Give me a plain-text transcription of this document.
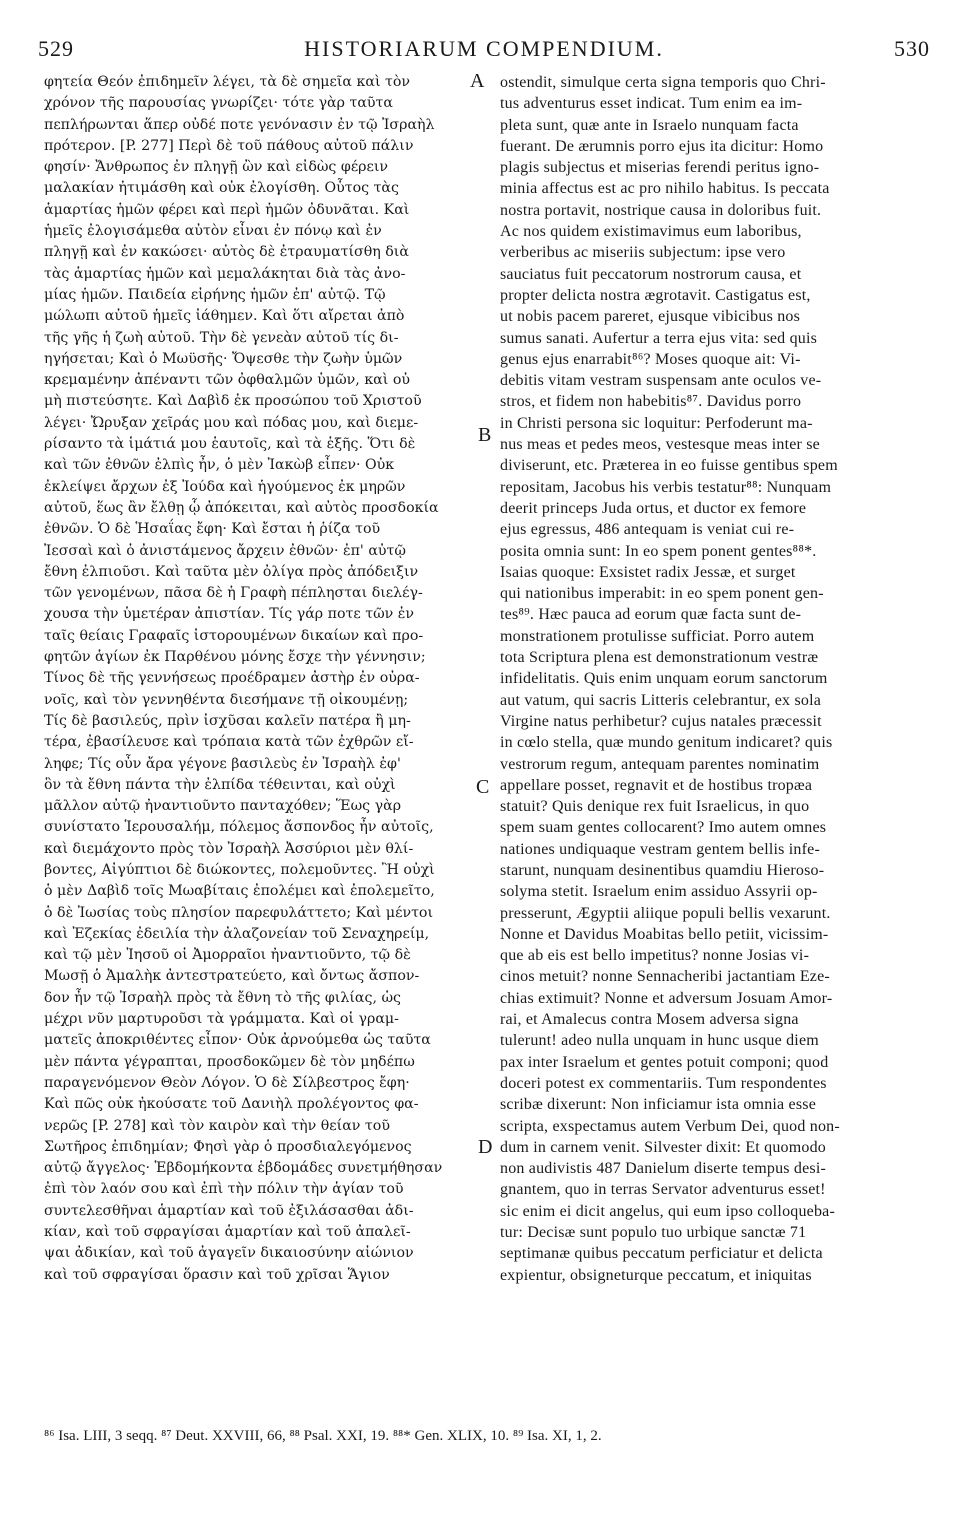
529	HISTORIARUM COMPENDIUM.	530
φητεία Θεόν ἐπιδημεῖν λέγει, τὰ δὲ σημεῖα καὶ τὸν
χρόνον τῆς παρουσίας γνωρίζει· τότε γὰρ ταῦτα
πεπλήρωνται ἅπερ οὐδέ ποτε γενόνασιν ἐν τῷ Ἰσραὴλ
πρότερον. [P. 277] Περὶ δὲ τοῦ πάθους αὐτοῦ πάλιν
φησίν· Ἄνθρωπος ἐν πληγῇ ὢν καὶ εἰδὼς φέρειν
μαλακίαν ἠτιμάσθη καὶ οὐκ ἐλογίσθη. Οὗτος τὰς
ἁμαρτίας ἡμῶν φέρει καὶ περὶ ἡμῶν ὀδυνᾶται. Καὶ
ἡμεῖς ἐλογισάμεθα αὐτὸν εἶναι ἐν πόνῳ καὶ ἐν
πληγῇ καὶ ἐν κακώσει· αὐτὸς δὲ ἐτραυματίσθη διὰ
τὰς ἁμαρτίας ἡμῶν καὶ μεμαλάκηται διὰ τὰς ἀνο-
μίας ἡμῶν. Παιδεία εἰρήνης ἡμῶν ἐπ' αὐτῷ. Τῷ
μώλωπι αὐτοῦ ἡμεῖς ἰάθημεν. Καὶ ὅτι αἴρεται ἀπὸ
τῆς γῆς ἡ ζωὴ αὐτοῦ. Τὴν δὲ γενεὰν αὐτοῦ τίς δι-
ηγήσεται; Καὶ ὁ Μωϋσῆς· Ὄψεσθε τὴν ζωὴν ὑμῶν
κρεμαμένην ἀπέναντι τῶν ὀφθαλμῶν ὑμῶν, καὶ οὐ
μὴ πιστεύσητε. Καὶ Δαβὶδ ἐκ προσώπου τοῦ Χριστοῦ
λέγει· Ὤρυξαν χεῖράς μου καὶ πόδας μου, καὶ διεμε-
ρίσαντο τὰ ἱμάτιά μου ἑαυτοῖς, καὶ τὰ ἑξῆς. Ὅτι δὲ
καὶ τῶν ἐθνῶν ἐλπὶς ἦν, ὁ μὲν Ἰακὼβ εἶπεν· Οὐκ
ἐκλείψει ἄρχων ἐξ Ἰούδα καὶ ἡγούμενος ἐκ μηρῶν
αὐτοῦ, ἕως ἂν ἔλθῃ ᾧ ἀπόκειται, καὶ αὐτὸς προσδοκία
ἐθνῶν. Ὁ δὲ Ἡσαΐας ἔφη· Καὶ ἔσται ἡ ῥίζα τοῦ
Ἰεσσαὶ καὶ ὁ ἀνιστάμενος ἄρχειν ἐθνῶν· ἐπ' αὐτῷ
ἔθνη ἐλπιοῦσι. Καὶ ταῦτα μὲν ὀλίγα πρὸς ἀπόδειξιν
τῶν γενομένων, πᾶσα δὲ ἡ Γραφὴ πέπλησται διελέγ-
χουσα τὴν ὑμετέραν ἀπιστίαν. Τίς γάρ ποτε τῶν ἐν
ταῖς θείαις Γραφαῖς ἱστορουμένων δικαίων καὶ προ-
φητῶν ἁγίων ἐκ Παρθένου μόνης ἔσχε τὴν γέννησιν;
Τίνος δὲ τῆς γεννήσεως προέδραμεν ἀστὴρ ἐν οὐρα-
νοῖς, καὶ τὸν γεννηθέντα διεσήμανε τῇ οἰκουμένῃ;
Τίς δὲ βασιλεύς, πρὶν ἰσχῦσαι καλεῖν πατέρα ἢ μη-
τέρα, ἐβασίλευσε καὶ τρόπαια κατὰ τῶν ἐχθρῶν εἴ-
ληφε; Τίς οὖν ἄρα γέγονε βασιλεὺς ἐν Ἰσραὴλ ἐφ'
ὃν τὰ ἔθνη πάντα τὴν ἐλπίδα τέθεινται, καὶ οὐχὶ
μᾶλλον αὐτῷ ἠναντιοῦντο πανταχόθεν; Ἕως γὰρ
συνίστατο Ἱερουσαλήμ, πόλεμος ἄσπονδος ἦν αὐτοῖς,
καὶ διεμάχοντο πρὸς τὸν Ἰσραὴλ Ἀσσύριοι μὲν θλί-
βοντες, Αἰγύπτιοι δὲ διώκοντες, πολεμοῦντες. Ἢ οὐχὶ
ὁ μὲν Δαβὶδ τοῖς Μωαβίταις ἐπολέμει καὶ ἐπολεμεῖτο,
ὁ δὲ Ἰωσίας τοὺς πλησίον παρεφυλάττετο; Καὶ μέντοι
καὶ Ἐζεκίας ἐδειλία τὴν ἀλαζονείαν τοῦ Σεναχηρείμ,
καὶ τῷ μὲν Ἰησοῦ οἱ Ἀμορραῖοι ἠναντιοῦντο, τῷ δὲ
Μωσῇ ὁ Ἀμαλὴκ ἀντεστρατεύετο, καὶ ὄντως ἄσπον-
δον ἦν τῷ Ἰσραὴλ πρὸς τὰ ἔθνη τὸ τῆς φιλίας, ὡς
μέχρι νῦν μαρτυροῦσι τὰ γράμματα. Καὶ οἱ γραμ-
ματεῖς ἀποκριθέντες εἶπον· Οὐκ ἀρνούμεθα ὡς ταῦτα
μὲν πάντα γέγραπται, προσδοκῶμεν δὲ τὸν μηδέπω
παραγενόμενον Θεὸν Λόγον. Ὁ δὲ Σίλβεστρος ἔφη·
Καὶ πῶς οὐκ ἠκούσατε τοῦ Δανιὴλ προλέγοντος φα-
νερῶς [P. 278] καὶ τὸν καιρὸν καὶ τὴν θείαν τοῦ
Σωτῆρος ἐπιδημίαν; Φησὶ γὰρ ὁ προσδιαλεγόμενος
αὐτῷ ἄγγελος· Ἑβδομήκοντα ἑβδομάδες συνετμήθησαν
ἐπὶ τὸν λαόν σου καὶ ἐπὶ τὴν πόλιν τὴν ἁγίαν τοῦ
συντελεσθῆναι ἁμαρτίαν καὶ τοῦ ἐξιλάσασθαι ἀδι-
κίαν, καὶ τοῦ σφραγίσαι ἁμαρτίαν καὶ τοῦ ἀπαλεῖ-
ψαι ἀδικίαν, καὶ τοῦ ἀγαγεῖν δικαιοσύνην αἰώνιον
καὶ τοῦ σφραγίσαι ὅρασιν καὶ τοῦ χρῖσαι Ἅγιον
ostendit, simulque certa signa temporis quo Chri-
tus adventurus esset indicat. Tum enim ea im-
pleta sunt, quæ ante in Israelo nunquam facta
fuerant. De ærumnis porro ejus ita dicitur: Homo
plagis subjectus et miserias ferendi peritus igno-
minia affectus est ac pro nihilo habitus. Is peccata
nostra portavit, nostrique causa in doloribus fuit.
Ac nos quidem existimavimus eum laboribus,
verberibus ac miseriis subjectum: ipse vero
sauciatus fuit peccatorum nostrorum causa, et
propter delicta nostra ægrotavit. Castigatus est,
ut nobis pacem pareret, ejusque vibicibus nos
sumus sanati. Aufertur a terra ejus vita: sed quis
genus ejus enarrabit⁸⁶? Moses quoque ait: Vi-
debitis vitam vestram suspensam ante oculos ve-
stros, et fidem non habebitis⁸⁷. Davidus porro
in Christi persona sic loquitur: Perfoderunt ma-
nus meas et pedes meos, vestesque meas inter se
diviserunt, etc. Præterea in eo fuisse gentibus spem
repositam, Jacobus his verbis testatur⁸⁸: Nunquam
deerit princeps Juda ortus, et ductor ex femore
ejus egressus, 486 antequam is veniat cui re-
posita omnia sunt: In eo spem ponent gentes⁸⁸*.
Isaias quoque: Exsistet radix Jessæ, et surget
qui nationibus imperabit: in eo spem ponent gen-
tes⁸⁹. Hæc pauca ad eorum quæ facta sunt de-
monstrationem protulisse sufficiat. Porro autem
tota Scriptura plena est demonstrationum vestræ
infidelitatis. Quis enim unquam eorum sanctorum
aut vatum, qui sacris Litteris celebrantur, ex sola
Virgine natus perhibetur? cujus natales præcessit
in cœlo stella, quæ mundo genitum indicaret? quis
vestrorum regum, antequam parentes nominatim
appellare posset, regnavit et de hostibus tropæa
statuit? Quis denique rex fuit Israelicus, in quo
spem suam gentes collocarent? Imo autem omnes
nationes undiquaque vestram gentem bellis infe-
starunt, nunquam desinentibus quamdiu Hieroso-
solyma stetit. Israelum enim assiduo Assyrii op-
presserunt, Ægyptii aliique populi bellis vexarunt.
Nonne et Davidus Moabitas bello petiit, vicissim-
que ab eis est bello impetitus? nonne Josias vi-
cinos metuit? nonne Sennacheribi jactantiam Eze-
chias extimuit? Nonne et adversum Josuam Amor-
rai, et Amalecus contra Mosem adversa signa
tulerunt! adeo nulla unquam in hunc usque diem
pax inter Israelum et gentes potuit componi; quod
doceri potest ex commentariis. Tum respondentes
scribæ dixerunt: Non inficiamur ista omnia esse
scripta, exspectamus autem Verbum Dei, quod non-
dum in carnem venit. Silvester dixit: Et quomodo
non audivistis 487 Danielum diserte tempus desi-
gnantem, quo in terras Servator adventurus esset!
sic enim ei dicit angelus, qui eum ipso colloqueba-
tur: Decisæ sunt populo tuo urbique sanctæ 71
septimanæ quibus peccatum perficiatur et delicta
expientur, obsigneturque peccatum, et iniquitas
A
B
C
D
⁸⁶ Isa. LIII, 3 seqq. ⁸⁷ Deut. XXVIII, 66, ⁸⁸ Psal. XXI, 19. ⁸⁸* Gen. XLIX, 10. ⁸⁹ Isa. XI, 1, 2.
